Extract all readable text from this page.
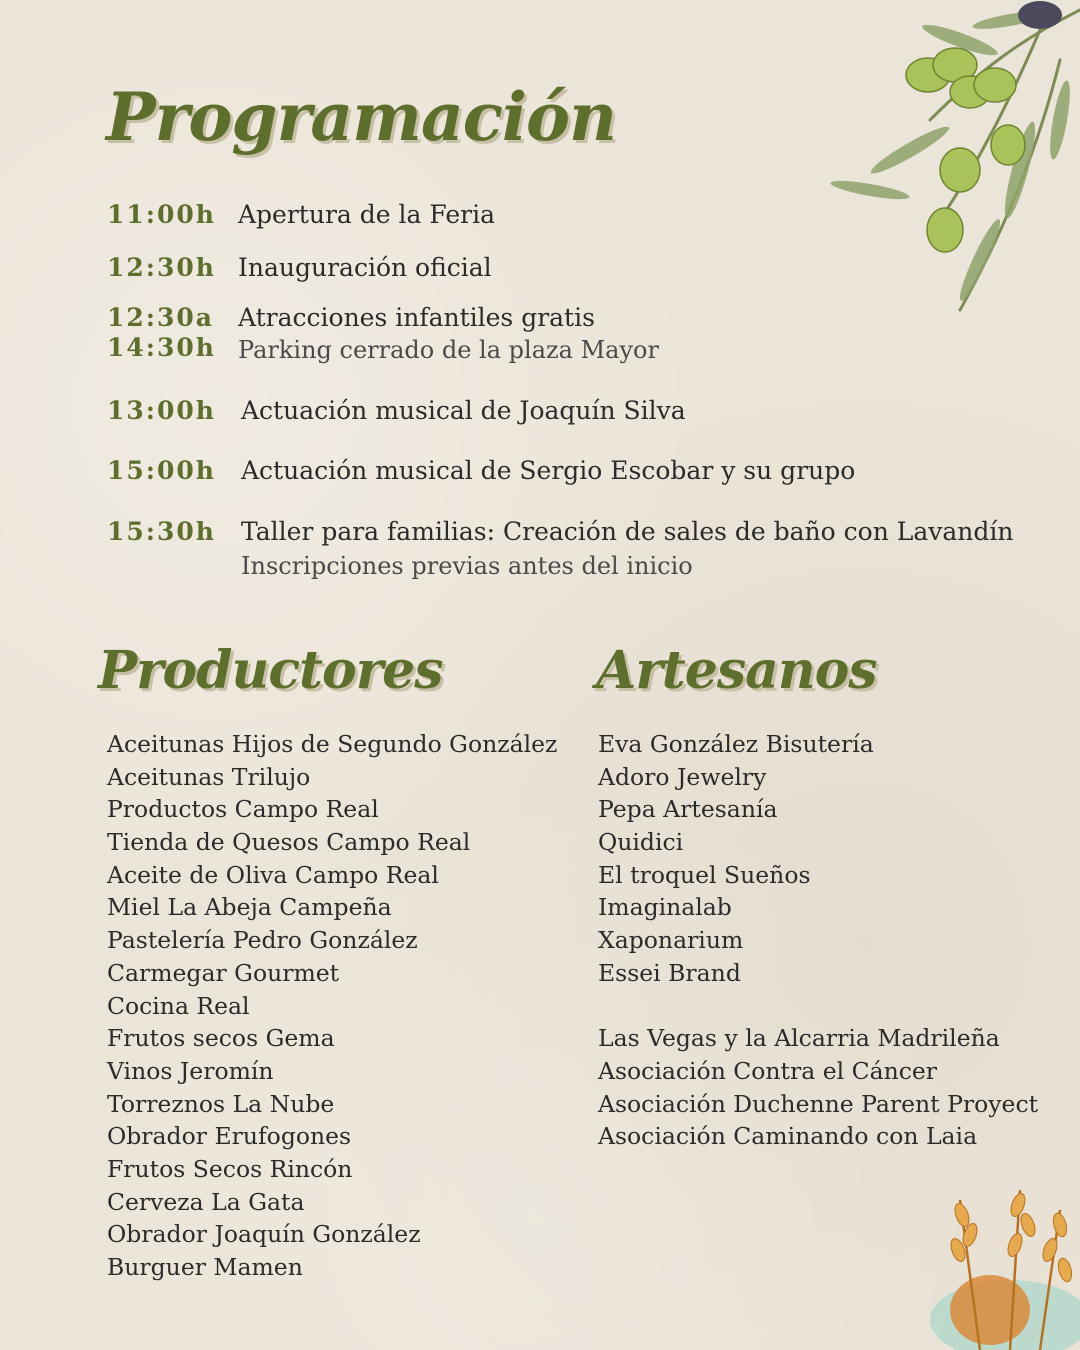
Programación
11:00h Apertura de la Feria
12:30h Inauguración oficial
12:30a
14:30h
Atracciones infantiles gratis
Parking cerrado de la plaza Mayor
13:00h Actuación musical de Joaquín Silva
15:00h Actuación musical de Sergio Escobar y su grupo
15:30h Taller para familias: Creación de sales de baño con Lavandín
Inscripciones previas antes del inicio
Productores
Aceitunas Hijos de Segundo González
Aceitunas Trilujo
Productos Campo Real
Tienda de Quesos Campo Real
Aceite de Oliva Campo Real
Miel La Abeja Campeña
Pastelería Pedro González
Carmegar Gourmet
Cocina Real
Frutos secos Gema
Vinos Jeromín
Torreznos La Nube
Obrador Erufogones
Frutos Secos Rincón
Cerveza La Gata
Obrador Joaquín González
Burguer Mamen
Artesanos
Eva González Bisutería
Adoro Jewelry
Pepa Artesanía
Quidici
El troquel Sueños
Imaginalab
Xaponarium
Essei Brand
Las Vegas y la Alcarria Madrileña
Asociación Contra el Cáncer
Asociación Duchenne Parent Proyect
Asociación Caminando con Laia
